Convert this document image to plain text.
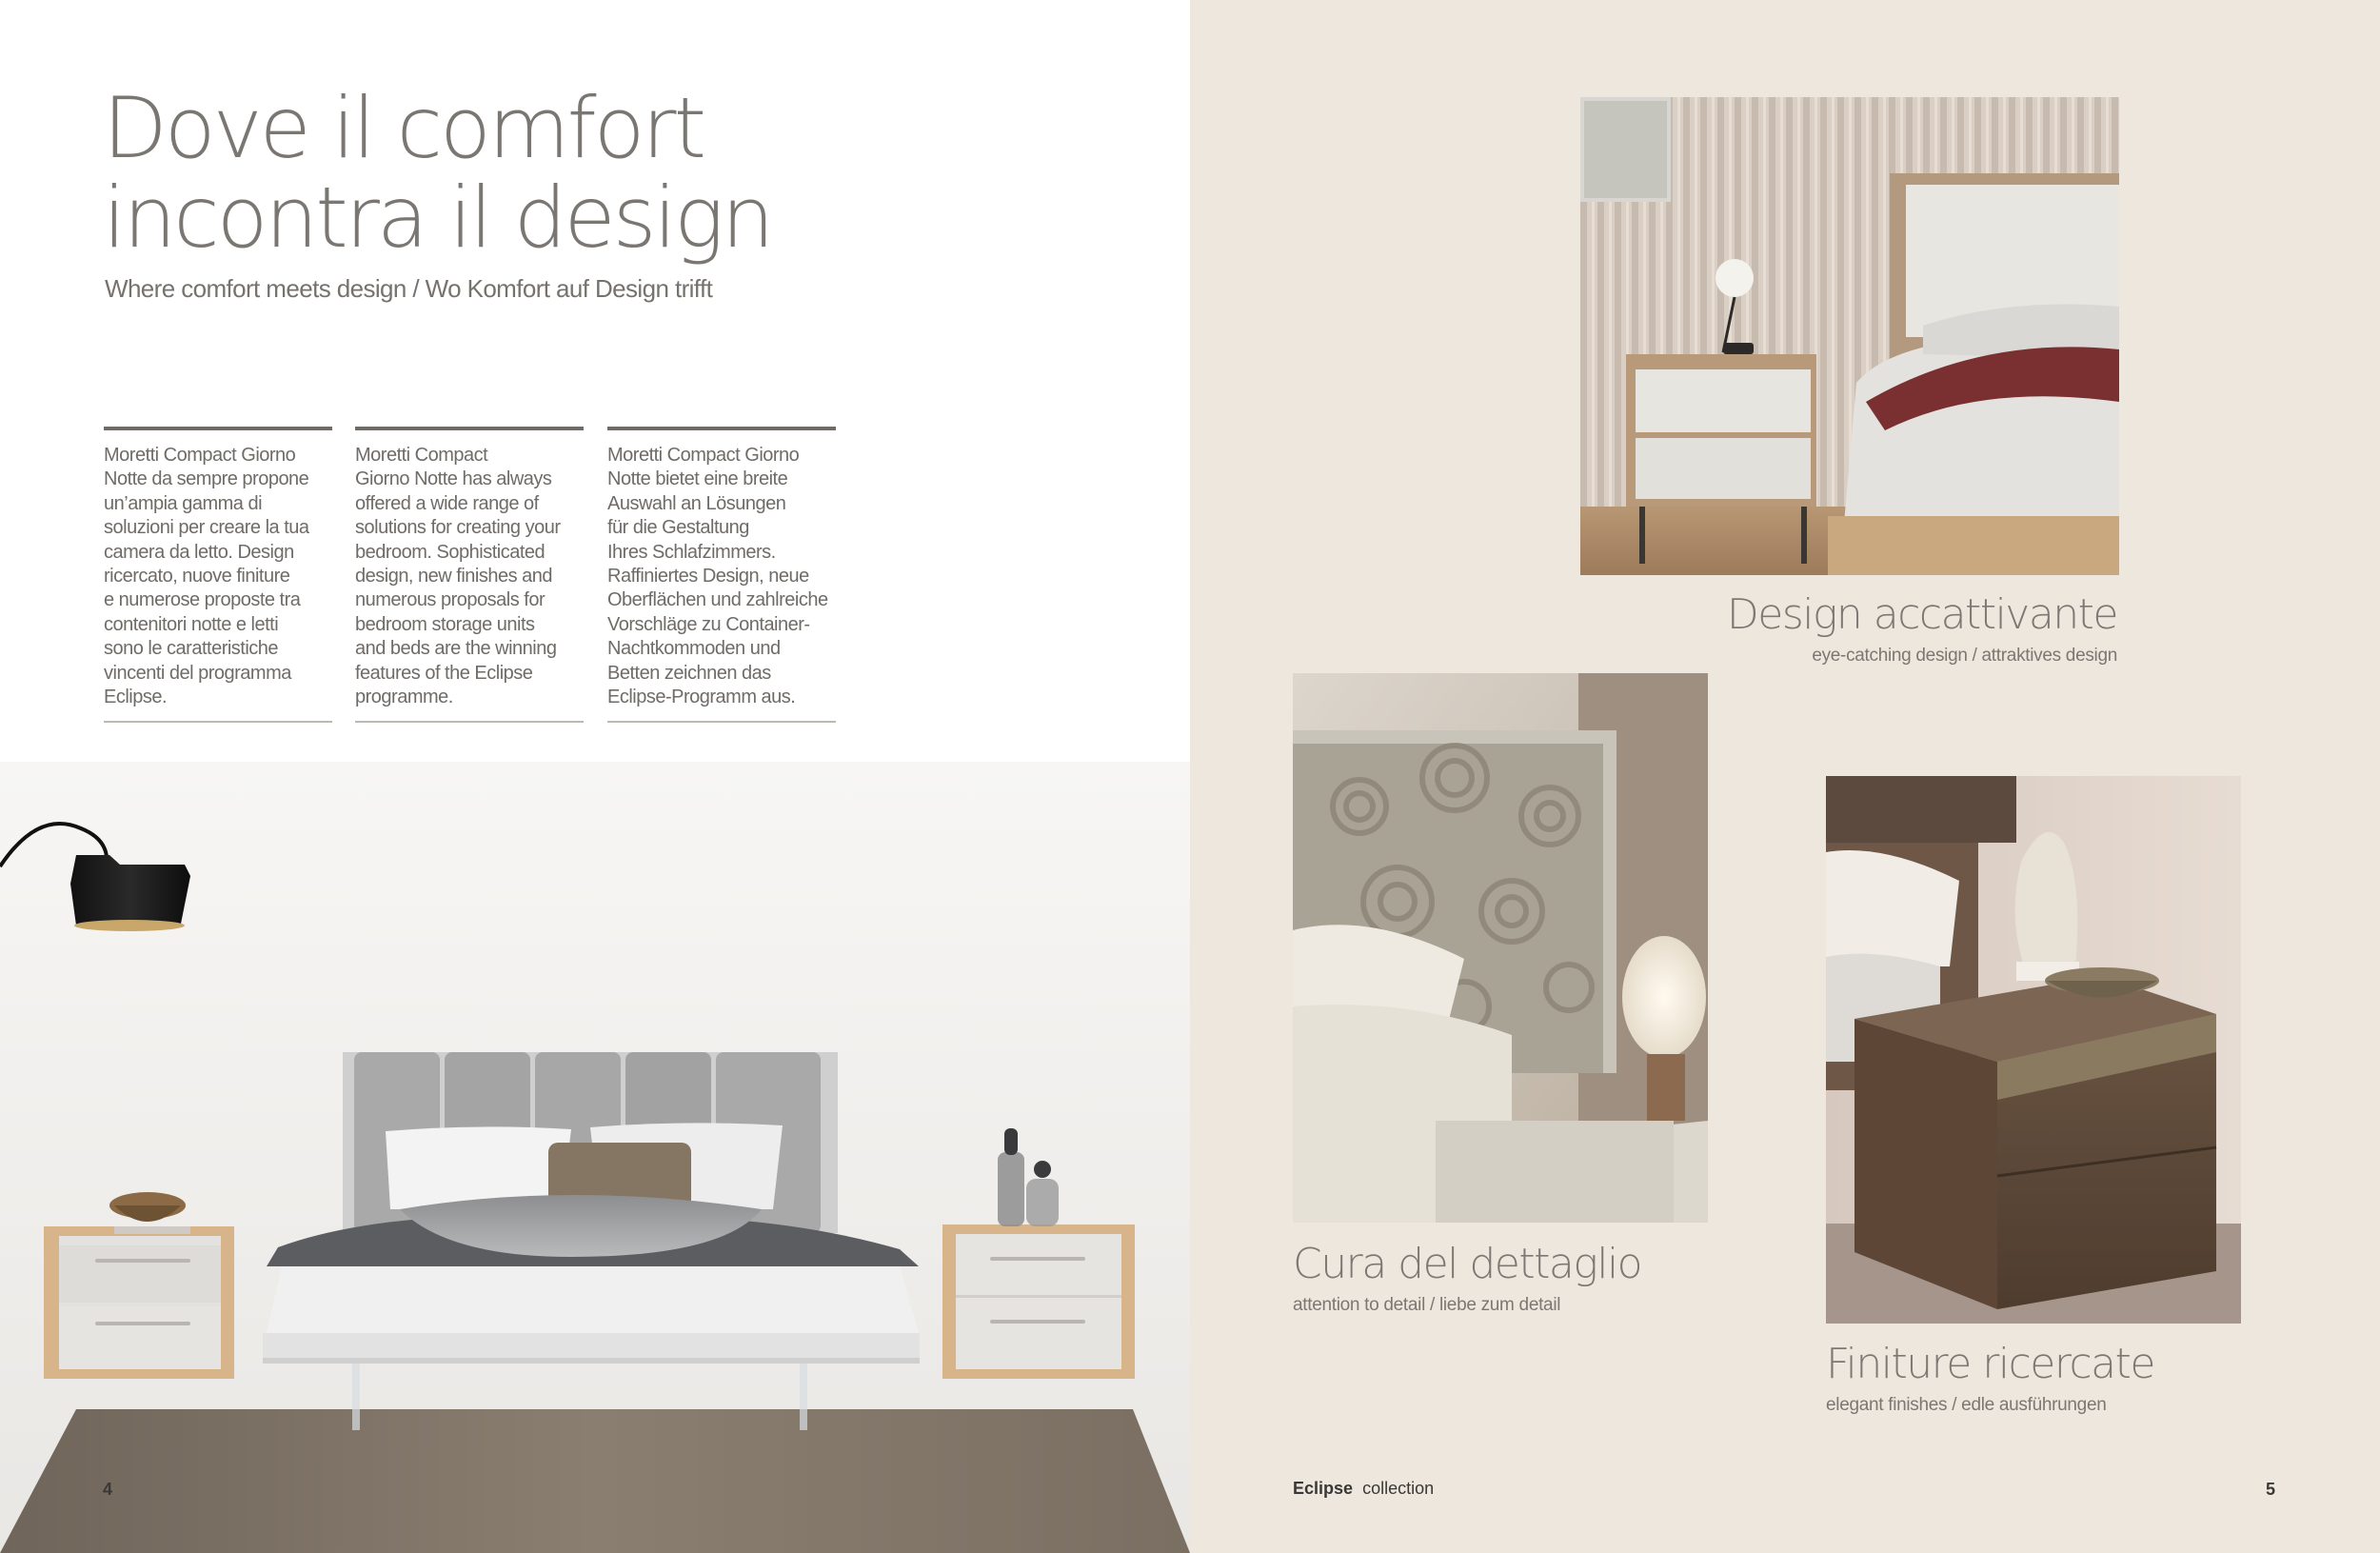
Dove il comfort
incontra il design
Where comfort meets design / Wo Komfort auf Design trifft

Moretti Compact Giorno
Notte da sempre propone
un’ampia gamma di
soluzioni per creare la tua
camera da letto. Design
ricercato, nuove finiture
e numerose proposte tra
contenitori notte e letti
sono le caratteristiche
vincenti del programma
Eclipse.

Moretti Compact
Giorno Notte has always
offered a wide range of
solutions for creating your
bedroom. Sophisticated
design, new finishes and
numerous proposals for
bedroom storage units
and beds are the winning
features of the Eclipse
programme.

Moretti Compact Giorno
Notte bietet eine breite
Auswahl an Lösungen
für die Gestaltung
Ihres Schlafzimmers.
Raffiniertes Design, neue
Oberflächen und zahlreiche
Vorschläge zu Container-
Nachtkommoden und
Betten zeichnen das
Eclipse-Programm aus.

4
Design accattivante
eye-catching design / attraktives design
Cura del dettaglio
attention to detail / liebe zum detail
Finiture ricercate
elegant finishes / edle ausführungen
Eclipse collection	5
